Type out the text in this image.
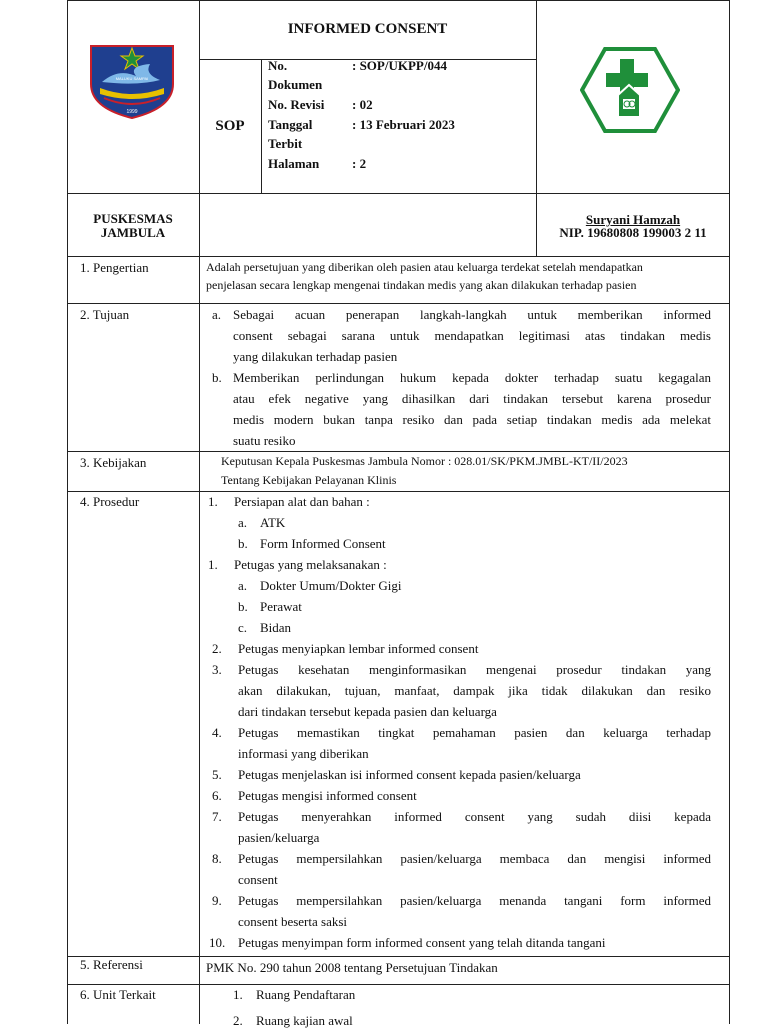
MALUKU SAMPAI
1999
INFORMED CONSENT
SOP
No.	: SOP/UKPP/044
Dokumen
No. Revisi : 02
Tanggal	: 13 Februari 2023
Terbit
Halaman	: 2
PUSKESMAS
JAMBULA
Suryani Hamzah
NIP. 19680808 199003 2 11
1. Pengertian	Adalah persetujuan yang diberikan oleh pasien atau keluarga terdekat setelah mendapatkan
penjelasan secara lengkap mengenai tindakan medis yang akan dilakukan terhadap pasien
2. Tujuan	a. Sebagai acuan penerapan langkah-langkah untuk memberikan informed
consent sebagai sarana untuk mendapatkan legitimasi atas tindakan medis
yang dilakukan terhadap pasien
b. Memberikan perlindungan hukum kepada dokter terhadap suatu kegagalan
atau efek negative yang dihasilkan dari tindakan tersebut karena prosedur
medis modern bukan tanpa resiko dan pada setiap tindakan medis ada melekat
suatu resiko
3. Kebijakan	Keputusan Kepala Puskesmas Jambula Nomor : 028.01/SK/PKM.JMBL-KT/II/2023
Tentang Kebijakan Pelayanan Klinis
4. Prosedur	1. Persiapan alat dan bahan :
a. ATK
b. Form Informed Consent
1. Petugas yang melaksanakan :
a. Dokter Umum/Dokter Gigi
b. Perawat
c. Bidan
2. Petugas menyiapkan lembar informed consent
3. Petugas kesehatan menginformasikan mengenai prosedur tindakan yang
akan dilakukan, tujuan, manfaat, dampak jika tidak dilakukan dan resiko
dari tindakan tersebut kepada pasien dan keluarga
4. Petugas memastikan tingkat pemahaman pasien dan keluarga terhadap
informasi yang diberikan
5. Petugas menjelaskan isi informed consent kepada pasien/keluarga
6. Petugas mengisi informed consent
7. Petugas menyerahkan informed consent yang sudah diisi kepada
pasien/keluarga
8. Petugas mempersilahkan pasien/keluarga membaca dan mengisi informed
consent
9. Petugas mempersilahkan pasien/keluarga menanda tangani form informed
consent beserta saksi
10. Petugas menyimpan form informed consent yang telah ditanda tangani
5. Referensi	PMK No. 290 tahun 2008 tentang Persetujuan Tindakan
6. Unit Terkait	1. Ruang Pendaftaran
2. Ruang kajian awal
